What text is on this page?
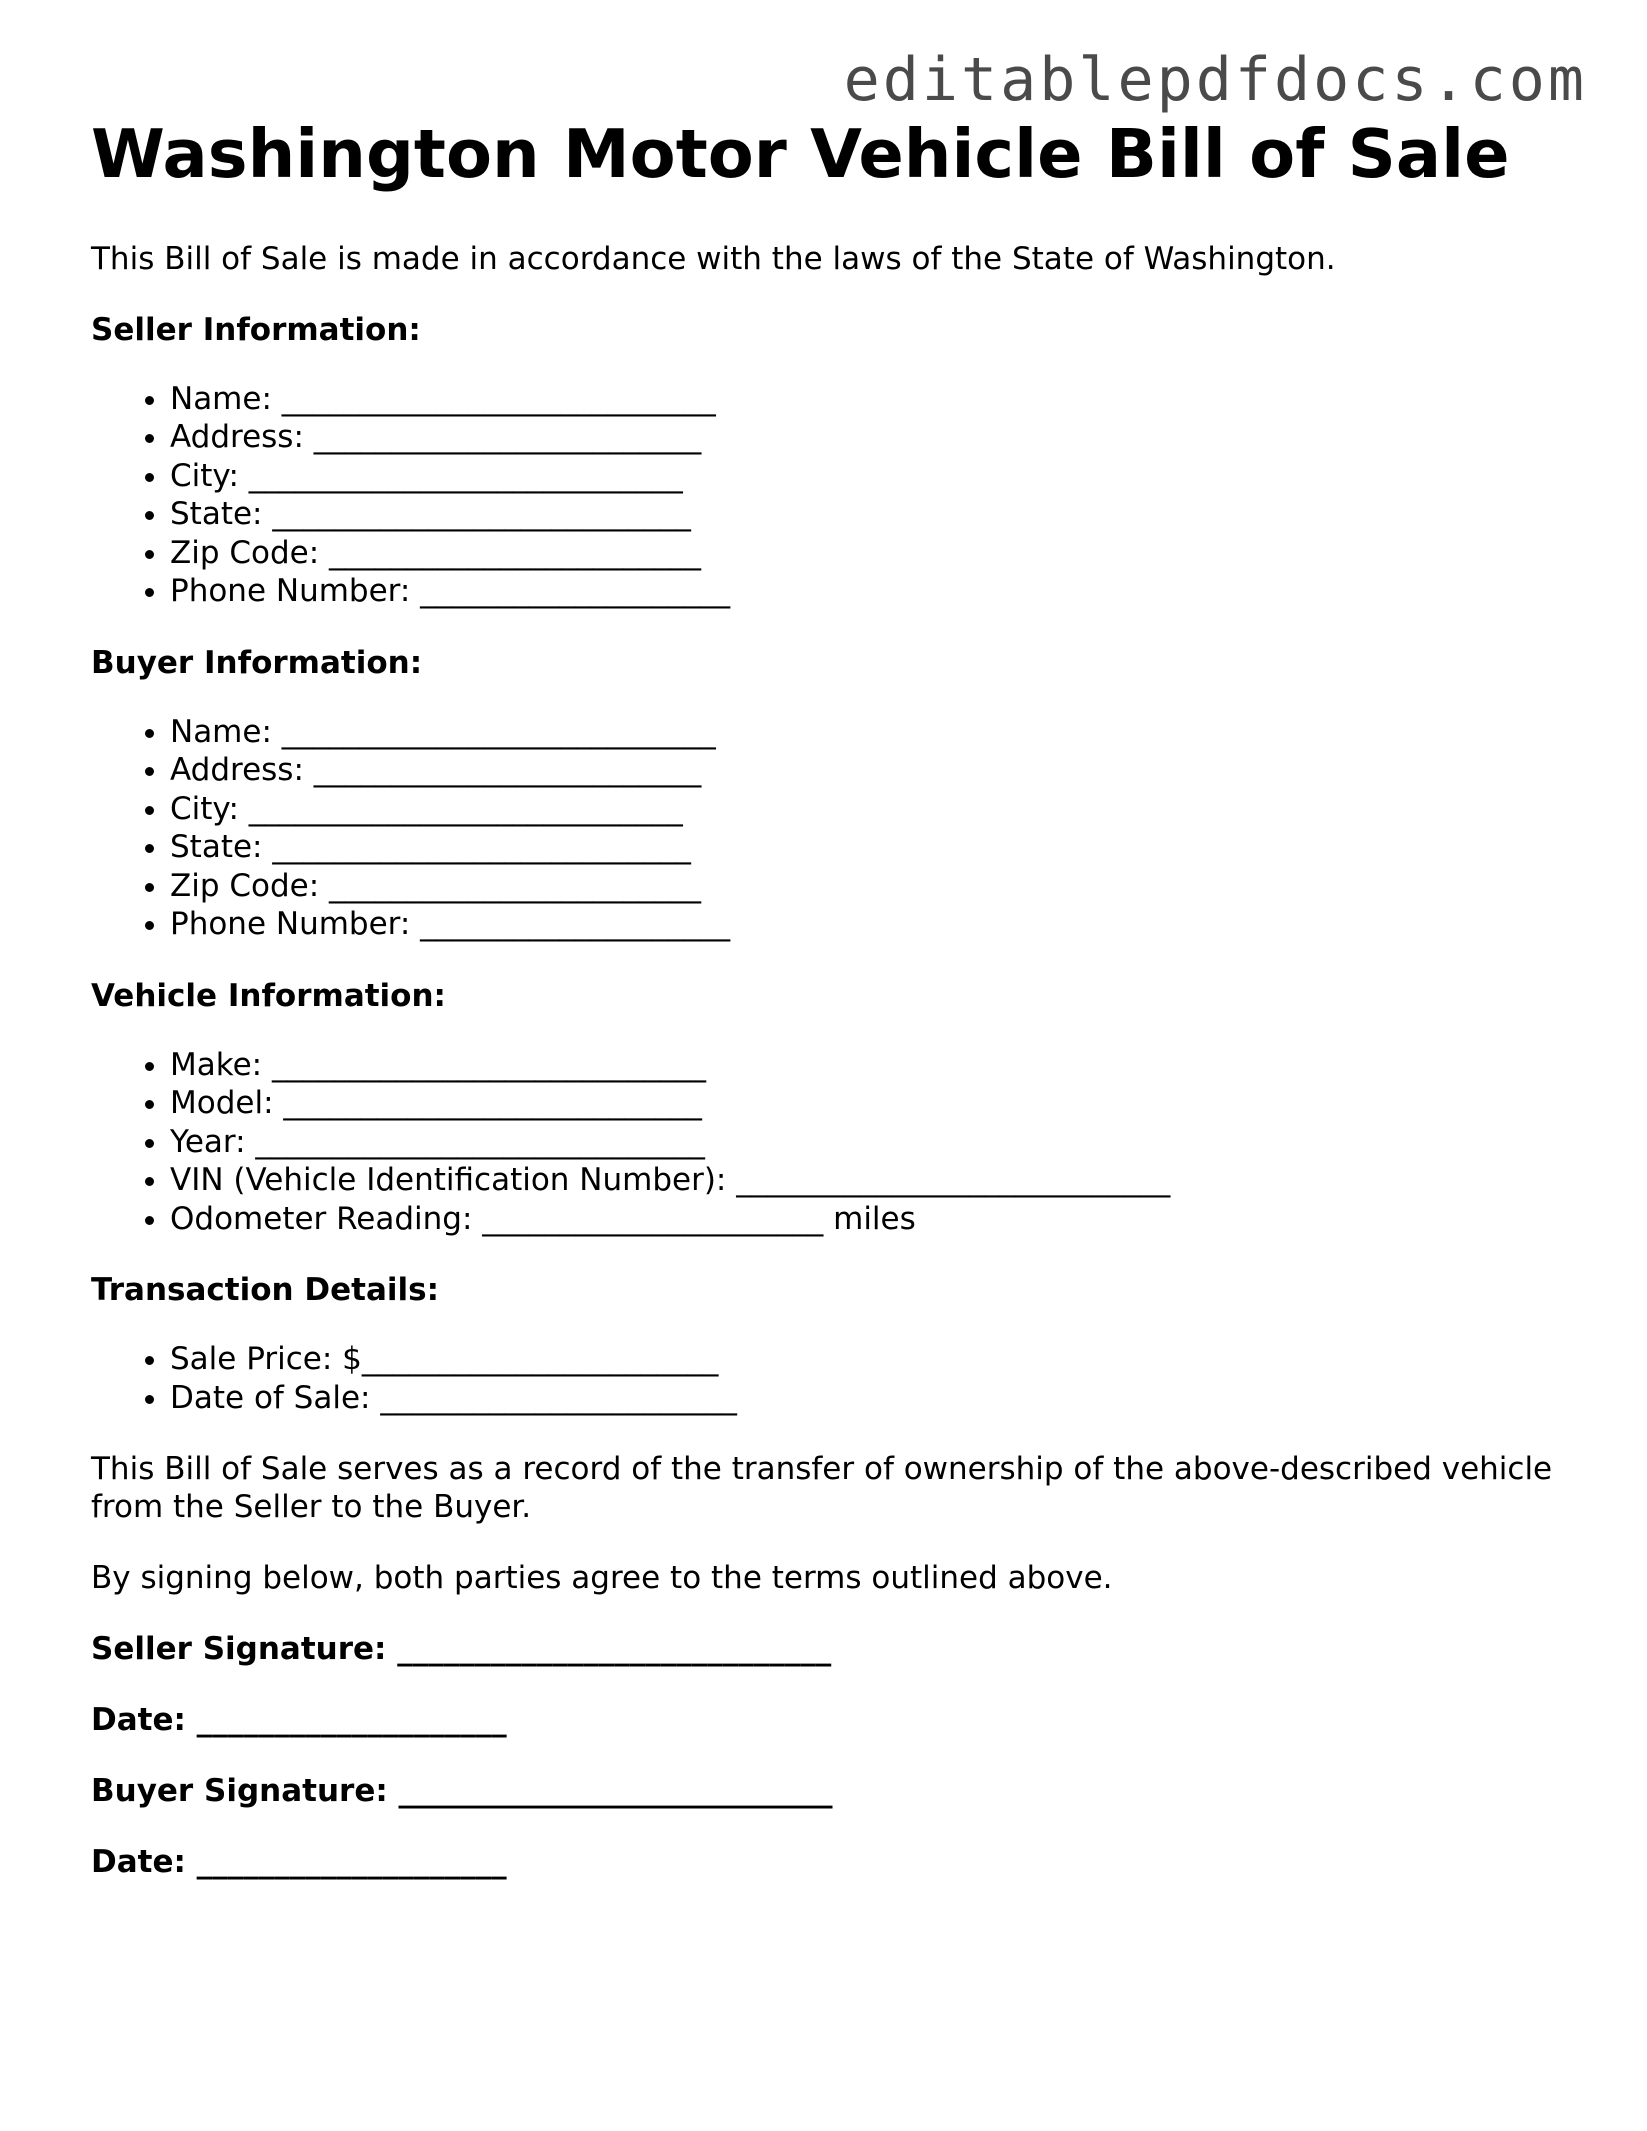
editablepdfdocs.com
Washington Motor Vehicle Bill of Sale

This Bill of Sale is made in accordance with the laws of the State of Washington.

Seller Information:

• Name: ____________________________
• Address: _________________________
• City: ____________________________
• State: ___________________________
• Zip Code: ________________________
• Phone Number: ____________________

Buyer Information:

• Name: ____________________________
• Address: _________________________
• City: ____________________________
• State: ___________________________
• Zip Code: ________________________
• Phone Number: ____________________

Vehicle Information:

• Make: ____________________________
• Model: ___________________________
• Year: _____________________________
• VIN (Vehicle Identification Number): ____________________________
• Odometer Reading: ______________________ miles

Transaction Details:

• Sale Price: $_______________________
• Date of Sale: _______________________

This Bill of Sale serves as a record of the transfer of ownership of the above-described vehicle from the Seller to the Buyer.

By signing below, both parties agree to the terms outlined above.

Seller Signature: ____________________________

Date: ____________________

Buyer Signature: ____________________________

Date: ____________________
